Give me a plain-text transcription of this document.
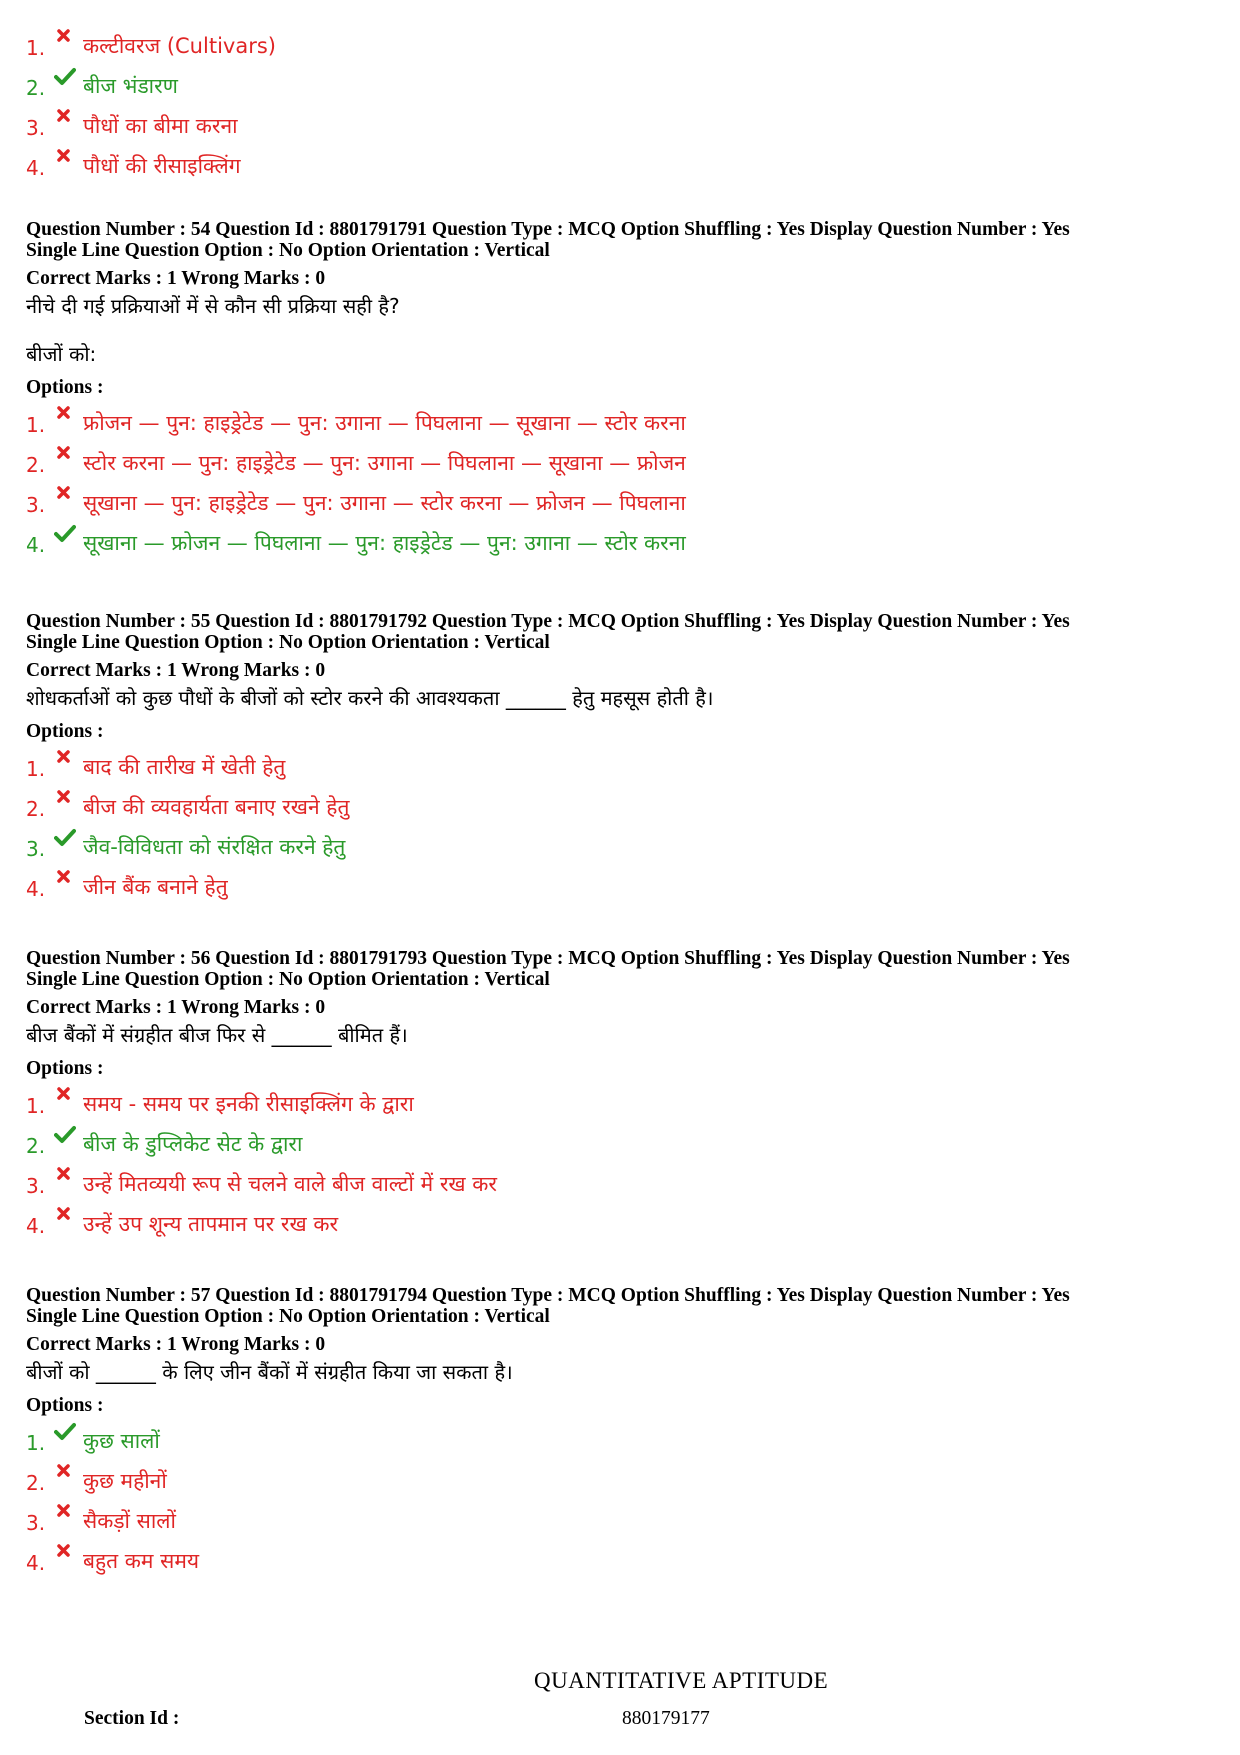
1. कल्टीवरज (Cultivars)
2. बीज भंडारण
3. पौधों का बीमा करना
4. पौधों की रीसाइक्लिंग
Question Number : 54 Question Id : 8801791791 Question Type : MCQ Option Shuffling : Yes Display Question Number : Yes
Single Line Question Option : No Option Orientation : Vertical
Correct Marks : 1 Wrong Marks : 0
नीचे दी गई प्रक्रियाओं में से कौन सी प्रक्रिया सही है?
बीजों को:
Options :
1. फ्रोजन — पुन: हाइड्रेटेड — पुन: उगाना — पिघलाना — सूखाना — स्टोर करना
2. स्टोर करना — पुन: हाइड्रेटेड — पुन: उगाना — पिघलाना — सूखाना — फ्रोजन
3. सूखाना — पुन: हाइड्रेटेड — पुन: उगाना — स्टोर करना — फ्रोजन — पिघलाना
4. सूखाना — फ्रोजन — पिघलाना — पुन: हाइड्रेटेड — पुन: उगाना — स्टोर करना
Question Number : 55 Question Id : 8801791792 Question Type : MCQ Option Shuffling : Yes Display Question Number : Yes
Single Line Question Option : No Option Orientation : Vertical
Correct Marks : 1 Wrong Marks : 0
शोधकर्ताओं को कुछ पौधों के बीजों को स्टोर करने की आवश्यकता ______ हेतु महसूस होती है।
Options :
1. बाद की तारीख में खेती हेतु
2. बीज की व्यवहार्यता बनाए रखने हेतु
3. जैव-विविधता को संरक्षित करने हेतु
4. जीन बैंक बनाने हेतु
Question Number : 56 Question Id : 8801791793 Question Type : MCQ Option Shuffling : Yes Display Question Number : Yes
Single Line Question Option : No Option Orientation : Vertical
Correct Marks : 1 Wrong Marks : 0
बीज बैंकों में संग्रहीत बीज फिर से ______ बीमित हैं।
Options :
1. समय - समय पर इनकी रीसाइक्लिंग के द्वारा
2. बीज के डुप्लिकेट सेट के द्वारा
3. उन्हें मितव्ययी रूप से चलने वाले बीज वाल्टों में रख कर
4. उन्हें उप शून्य तापमान पर रख कर
Question Number : 57 Question Id : 8801791794 Question Type : MCQ Option Shuffling : Yes Display Question Number : Yes
Single Line Question Option : No Option Orientation : Vertical
Correct Marks : 1 Wrong Marks : 0
बीजों को ______ के लिए जीन बैंकों में संग्रहीत किया जा सकता है।
Options :
1. कुछ सालों
2. कुछ महीनों
3. सैकड़ों सालों
4. बहुत कम समय
QUANTITATIVE APTITUDE
Section Id :	880179177
